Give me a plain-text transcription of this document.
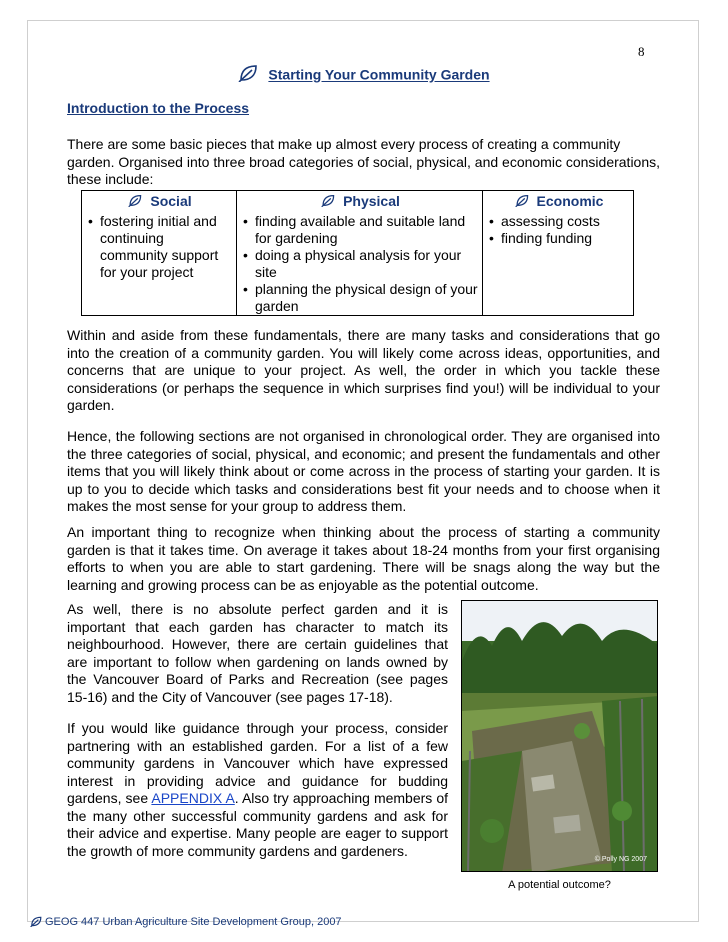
8
Starting Your Community Garden
Introduction to the Process

There are some basic pieces that make up almost every process of creating a community garden. Organised into three broad categories of social, physical, and economic considerations, these include:

Social
• fostering initial and continuing community support for your project
Physical
• finding available and suitable land for gardening
• doing a physical analysis for your site
• planning the physical design of your garden
Economic
• assessing costs
• finding funding

Within and aside from these fundamentals, there are many tasks and considerations that go into the creation of a community garden. You will likely come across ideas, opportunities, and concerns that are unique to your project. As well, the order in which you tackle these considerations (or perhaps the sequence in which surprises find you!) will be individual to your garden.

Hence, the following sections are not organised in chronological order. They are organised into the three categories of social, physical, and economic; and present the fundamentals and other items that you will likely think about or come across in the process of starting your garden. It is up to you to decide which tasks and considerations best fit your needs and to choose when it makes the most sense for your group to address them.

An important thing to recognize when thinking about the process of starting a community garden is that it takes time. On average it takes about 18-24 months from your first organising efforts to when you are able to start gardening. There will be snags along the way but the learning and growing process can be as enjoyable as the potential outcome.

As well, there is no absolute perfect garden and it is important that each garden has character to match its neighbourhood. However, there are certain guidelines that are important to follow when gardening on lands owned by the Vancouver Board of Parks and Recreation (see pages 15-16) and the City of Vancouver (see pages 17-18).

If you would like guidance through your process, consider partnering with an established garden. For a list of a few community gardens in Vancouver which have expressed interest in providing advice and guidance for budding gardens, see APPENDIX A. Also try approaching members of the many other successful community gardens and ask for their advice and expertise. Many people are eager to support the growth of more community gardens and gardeners.

© Polly NG 2007
A potential outcome?
GEOG 447 Urban Agriculture Site Development Group, 2007
